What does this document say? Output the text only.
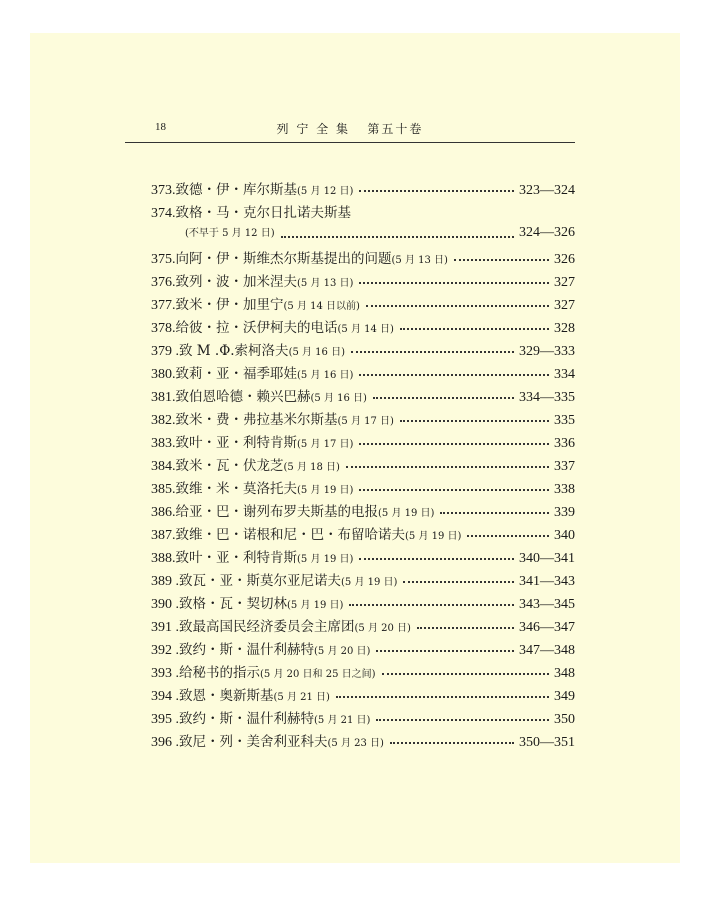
18	列 宁 全 集   第五十卷
373. 致德・伊・库尔斯基 (5 月 12 日)	323—324
374. 致格・马・克尔日扎诺夫斯基
(不早于 5 月 12 日)	324—326
375. 向阿・伊・斯维杰尔斯基提出的问题 (5 月 13 日)	326
376. 致列・波・加米涅夫 (5 月 13 日)	327
377. 致米・伊・加里宁 (5 月 14 日以前)	327
378. 给彼・拉・沃伊柯夫的电话 (5 月 14 日)	328
379 . 致 M .Φ.索柯洛夫 (5 月 16 日)	329—333
380. 致莉・亚・福季耶娃 (5 月 16 日)	334
381. 致伯恩哈德・赖兴巴赫 (5 月 16 日)	334—335
382. 致米・费・弗拉基米尔斯基 (5 月 17 日)	335
383. 致叶・亚・利特肯斯 (5 月 17 日)	336
384. 致米・瓦・伏龙芝 (5 月 18 日)	337
385. 致维・米・莫洛托夫 (5 月 19 日)	338
386. 给亚・巴・谢列布罗夫斯基的电报 (5 月 19 日)	339
387. 致维・巴・诺根和尼・巴・布留哈诺夫 (5 月 19 日)	340
388. 致叶・亚・利特肯斯 (5 月 19 日)	340—341
389 . 致瓦・亚・斯莫尔亚尼诺夫 (5 月 19 日)	341—343
390 . 致格・瓦・契切林 (5 月 19 日)	343—345
391 . 致最高国民经济委员会主席团 (5 月 20 日)	346—347
392 . 致约・斯・温什利赫特 (5 月 20 日)	347—348
393 . 给秘书的指示 (5 月 20 日和 25 日之间)	348
394 . 致恩・奥新斯基 (5 月 21 日)	349
395 . 致约・斯・温什利赫特 (5 月 21 日)	350
396 . 致尼・列・美舍利亚科夫 (5 月 23 日)	350—351
